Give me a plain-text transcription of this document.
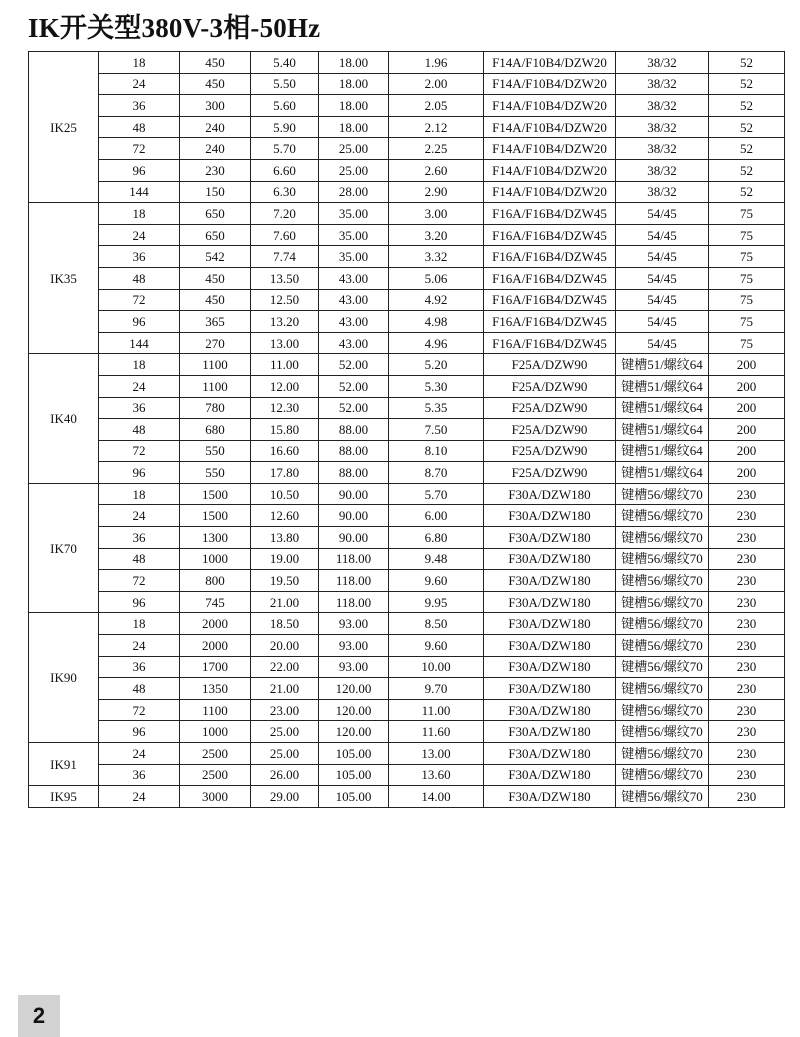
IK开关型380V-3相-50Hz
IK25	18	450	5.40	18.00	1.96	F14A/F10B4/DZW20	38/32	52
	24	450	5.50	18.00	2.00	F14A/F10B4/DZW20	38/32	52
	36	300	5.60	18.00	2.05	F14A/F10B4/DZW20	38/32	52
	48	240	5.90	18.00	2.12	F14A/F10B4/DZW20	38/32	52
	72	240	5.70	25.00	2.25	F14A/F10B4/DZW20	38/32	52
	96	230	6.60	25.00	2.60	F14A/F10B4/DZW20	38/32	52
	144	150	6.30	28.00	2.90	F14A/F10B4/DZW20	38/32	52
IK35	18	650	7.20	35.00	3.00	F16A/F16B4/DZW45	54/45	75
	24	650	7.60	35.00	3.20	F16A/F16B4/DZW45	54/45	75
	36	542	7.74	35.00	3.32	F16A/F16B4/DZW45	54/45	75
	48	450	13.50	43.00	5.06	F16A/F16B4/DZW45	54/45	75
	72	450	12.50	43.00	4.92	F16A/F16B4/DZW45	54/45	75
	96	365	13.20	43.00	4.98	F16A/F16B4/DZW45	54/45	75
	144	270	13.00	43.00	4.96	F16A/F16B4/DZW45	54/45	75
IK40	18	1100	11.00	52.00	5.20	F25A/DZW90	键槽51/螺纹64	200
	24	1100	12.00	52.00	5.30	F25A/DZW90	键槽51/螺纹64	200
	36	780	12.30	52.00	5.35	F25A/DZW90	键槽51/螺纹64	200
	48	680	15.80	88.00	7.50	F25A/DZW90	键槽51/螺纹64	200
	72	550	16.60	88.00	8.10	F25A/DZW90	键槽51/螺纹64	200
	96	550	17.80	88.00	8.70	F25A/DZW90	键槽51/螺纹64	200
IK70	18	1500	10.50	90.00	5.70	F30A/DZW180	键槽56/螺纹70	230
	24	1500	12.60	90.00	6.00	F30A/DZW180	键槽56/螺纹70	230
	36	1300	13.80	90.00	6.80	F30A/DZW180	键槽56/螺纹70	230
	48	1000	19.00	118.00	9.48	F30A/DZW180	键槽56/螺纹70	230
	72	800	19.50	118.00	9.60	F30A/DZW180	键槽56/螺纹70	230
	96	745	21.00	118.00	9.95	F30A/DZW180	键槽56/螺纹70	230
IK90	18	2000	18.50	93.00	8.50	F30A/DZW180	键槽56/螺纹70	230
	24	2000	20.00	93.00	9.60	F30A/DZW180	键槽56/螺纹70	230
	36	1700	22.00	93.00	10.00	F30A/DZW180	键槽56/螺纹70	230
	48	1350	21.00	120.00	9.70	F30A/DZW180	键槽56/螺纹70	230
	72	1100	23.00	120.00	11.00	F30A/DZW180	键槽56/螺纹70	230
	96	1000	25.00	120.00	11.60	F30A/DZW180	键槽56/螺纹70	230
IK91	24	2500	25.00	105.00	13.00	F30A/DZW180	键槽56/螺纹70	230
	36	2500	26.00	105.00	13.60	F30A/DZW180	键槽56/螺纹70	230
IK95	24	3000	29.00	105.00	14.00	F30A/DZW180	键槽56/螺纹70	230
2
